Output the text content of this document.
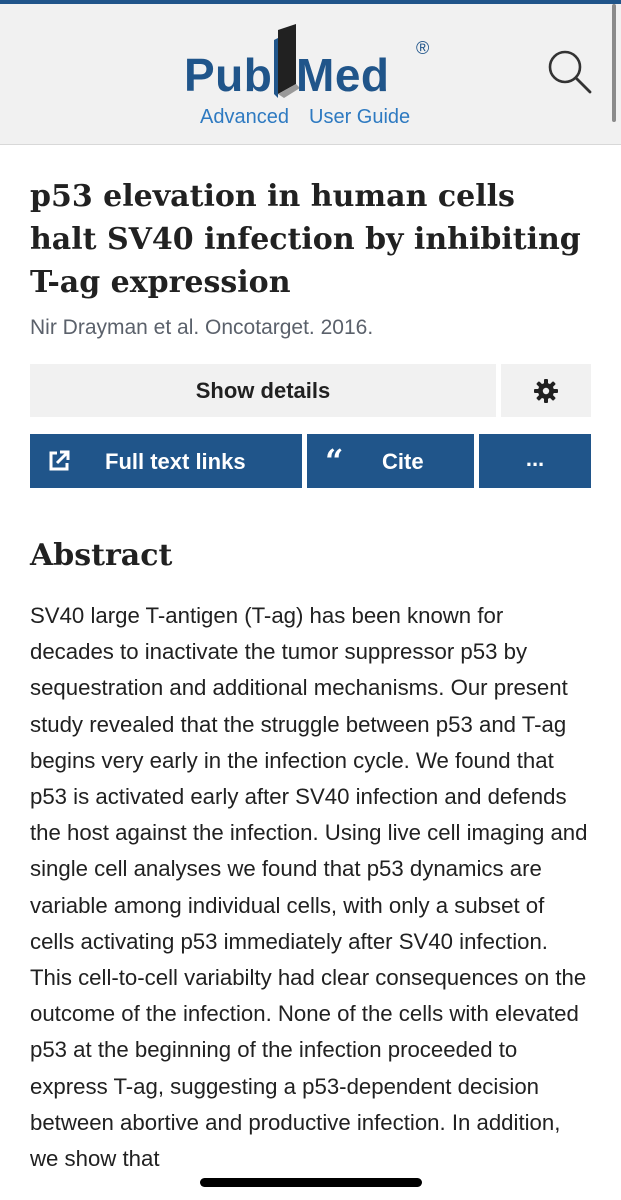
Pub Med
®
Advanced User Guide
p53 elevation in human cells halt SV40 infection by inhibiting T-ag expression
Nir Drayman et al. Oncotarget. 2016.
Show details
Full text links “ Cite	...
Abstract

SV40 large T-antigen (T-ag) has been known for decades to inactivate the tumor suppressor p53 by sequestration and additional mechanisms. Our present study revealed that the struggle between p53 and T-ag begins very early in the infection cycle. We found that p53 is activated early after SV40 infection and defends the host against the infection. Using live cell imaging and single cell analyses we found that p53 dynamics are variable among individual cells, with only a subset of cells activating p53 immediately after SV40 infection. This cell-to-cell variabilty had clear consequences on the outcome of the infection. None of the cells with elevated p53 at the beginning of the infection proceeded to express T-ag, suggesting a p53-dependent decision between abortive and productive infection. In addition, we show that
